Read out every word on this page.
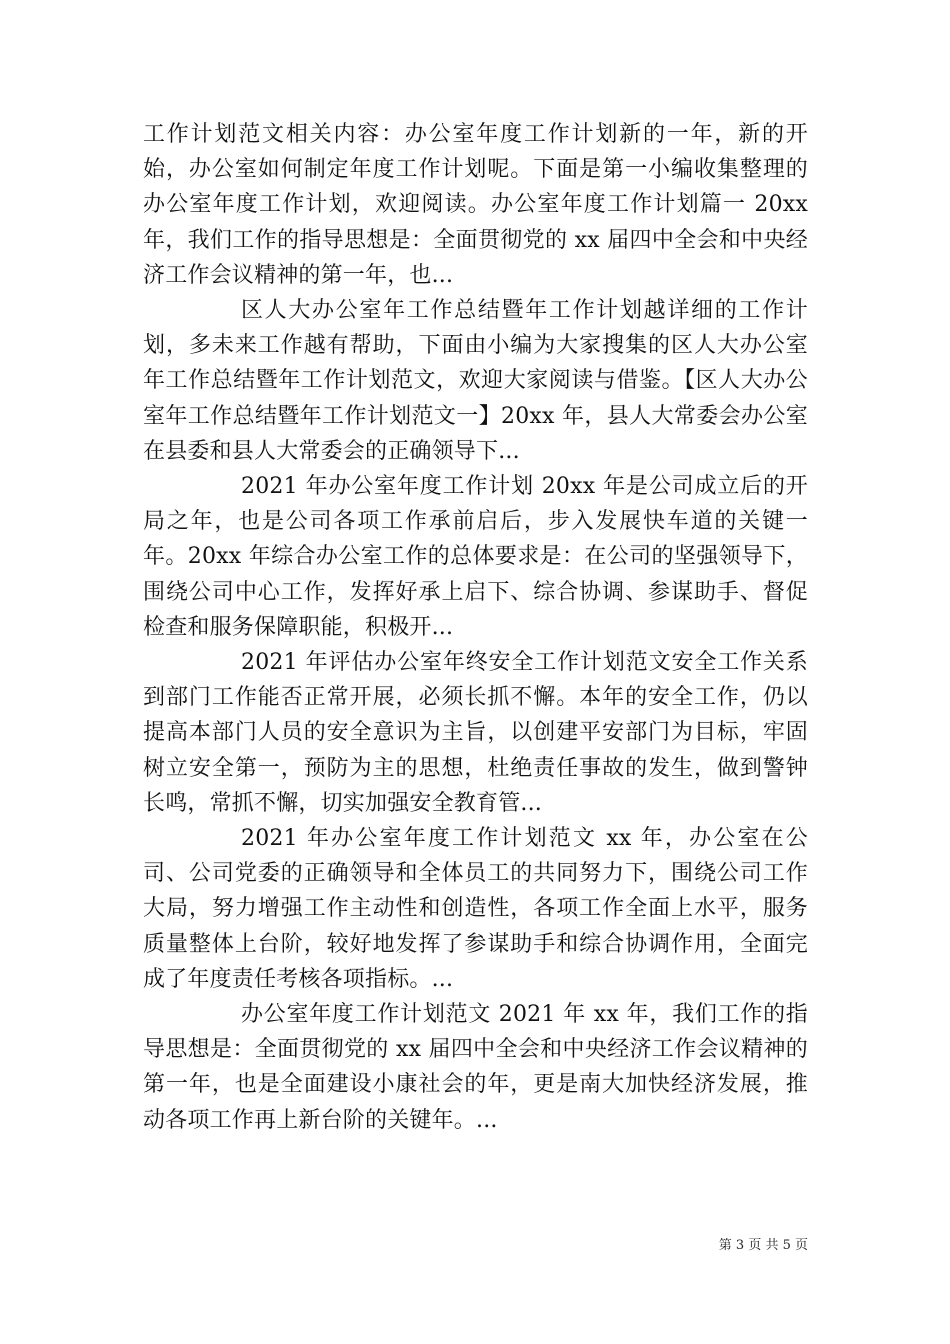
工作计划范文相关内容：办公室年度工作计划新的一年，新的开始，办公室如何制定年度工作计划呢。下面是第一小编收集整理的办公室年度工作计划，欢迎阅读。办公室年度工作计划篇一 20xx 年，我们工作的指导思想是：全面贯彻党的 xx 届四中全会和中央经济工作会议精神的第一年，也...

区人大办公室年工作总结暨年工作计划越详细的工作计划，多未来工作越有帮助，下面由小编为大家搜集的区人大办公室年工作总结暨年工作计划范文，欢迎大家阅读与借鉴。【区人大办公室年工作总结暨年工作计划范文一】20xx 年，县人大常委会办公室在县委和县人大常委会的正确领导下...

2021 年办公室年度工作计划 20xx 年是公司成立后的开局之年，也是公司各项工作承前启后，步入发展快车道的关键一年。20xx 年综合办公室工作的总体要求是：在公司的坚强领导下，围绕公司中心工作，发挥好承上启下、综合协调、参谋助手、督促检查和服务保障职能，积极开...

2021 年评估办公室年终安全工作计划范文安全工作关系到部门工作能否正常开展，必须长抓不懈。本年的安全工作，仍以提高本部门人员的安全意识为主旨，以创建平安部门为目标，牢固树立安全第一，预防为主的思想，杜绝责任事故的发生，做到警钟长鸣，常抓不懈，切实加强安全教育管...

2021 年办公室年度工作计划范文 xx 年，办公室在公司、公司党委的正确领导和全体员工的共同努力下，围绕公司工作大局，努力增强工作主动性和创造性，各项工作全面上水平，服务质量整体上台阶，较好地发挥了参谋助手和综合协调作用，全面完成了年度责任考核各项指标。...

办公室年度工作计划范文 2021 年 xx 年，我们工作的指导思想是：全面贯彻党的 xx 届四中全会和中央经济工作会议精神的第一年，也是全面建设小康社会的年，更是南大加快经济发展，推动各项工作再上新台阶的关键年。...

第 3 页 共 5 页
